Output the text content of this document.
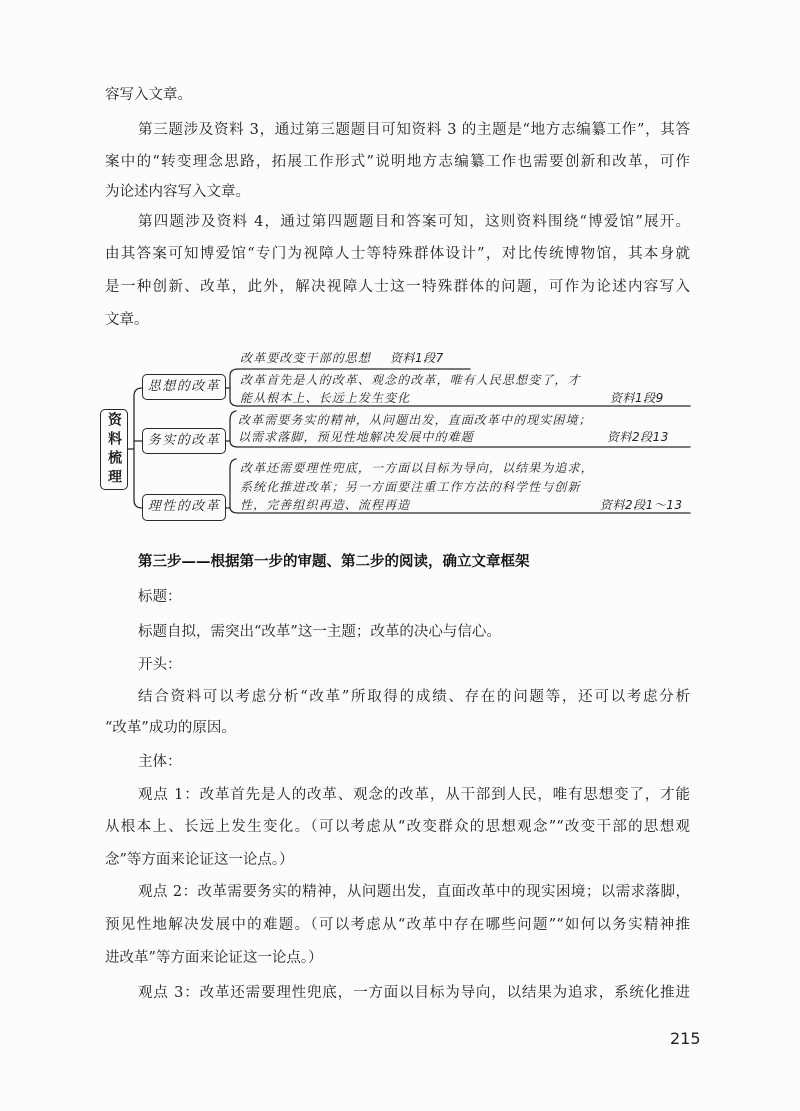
容写入文章。
第三题涉及资料 3，通过第三题题目可知资料 3 的主题是“地方志编纂工作”，其答
案中的“转变理念思路，拓展工作形式”说明地方志编纂工作也需要创新和改革，可作
为论述内容写入文章。
第四题涉及资料 4，通过第四题题目和答案可知，这则资料围绕“博爱馆”展开。
由其答案可知博爱馆“专门为视障人士等特殊群体设计”，对比传统博物馆，其本身就
是一种创新、改革，此外，解决视障人士这一特殊群体的问题，可作为论述内容写入
文章。
资料梳理
思想的改革
务实的改革
理性的改革
改革要改变干部的思想 资料1段7
改革首先是人的改革、观念的改革，唯有人民思想变了，才
能从根本上、长远上发生变化	资料1段9
改革需要务实的精神，从问题出发，直面改革中的现实困境；
以需求落脚，预见性地解决发展中的难题	资料2段13
改革还需要理性兜底，一方面以目标为导向，以结果为追求，
系统化推进改革；另一方面要注重工作方法的科学性与创新
性，完善组织再造、流程再造	资料2段1～13
第三步——根据第一步的审题、第二步的阅读，确立文章框架
标题：
标题自拟，需突出“改革”这一主题；改革的决心与信心。
开头：
结合资料可以考虑分析“改革”所取得的成绩、存在的问题等，还可以考虑分析
“改革”成功的原因。
主体：
观点 1：改革首先是人的改革、观念的改革，从干部到人民，唯有思想变了，才能
从根本上、长远上发生变化。（可以考虑从“改变群众的思想观念”“改变干部的思想观
念”等方面来论证这一论点。）
观点 2：改革需要务实的精神，从问题出发，直面改革中的现实困境；以需求落脚，
预见性地解决发展中的难题。（可以考虑从“改革中存在哪些问题”“如何以务实精神推
进改革”等方面来论证这一论点。）
观点 3：改革还需要理性兜底，一方面以目标为导向，以结果为追求，系统化推进
215
